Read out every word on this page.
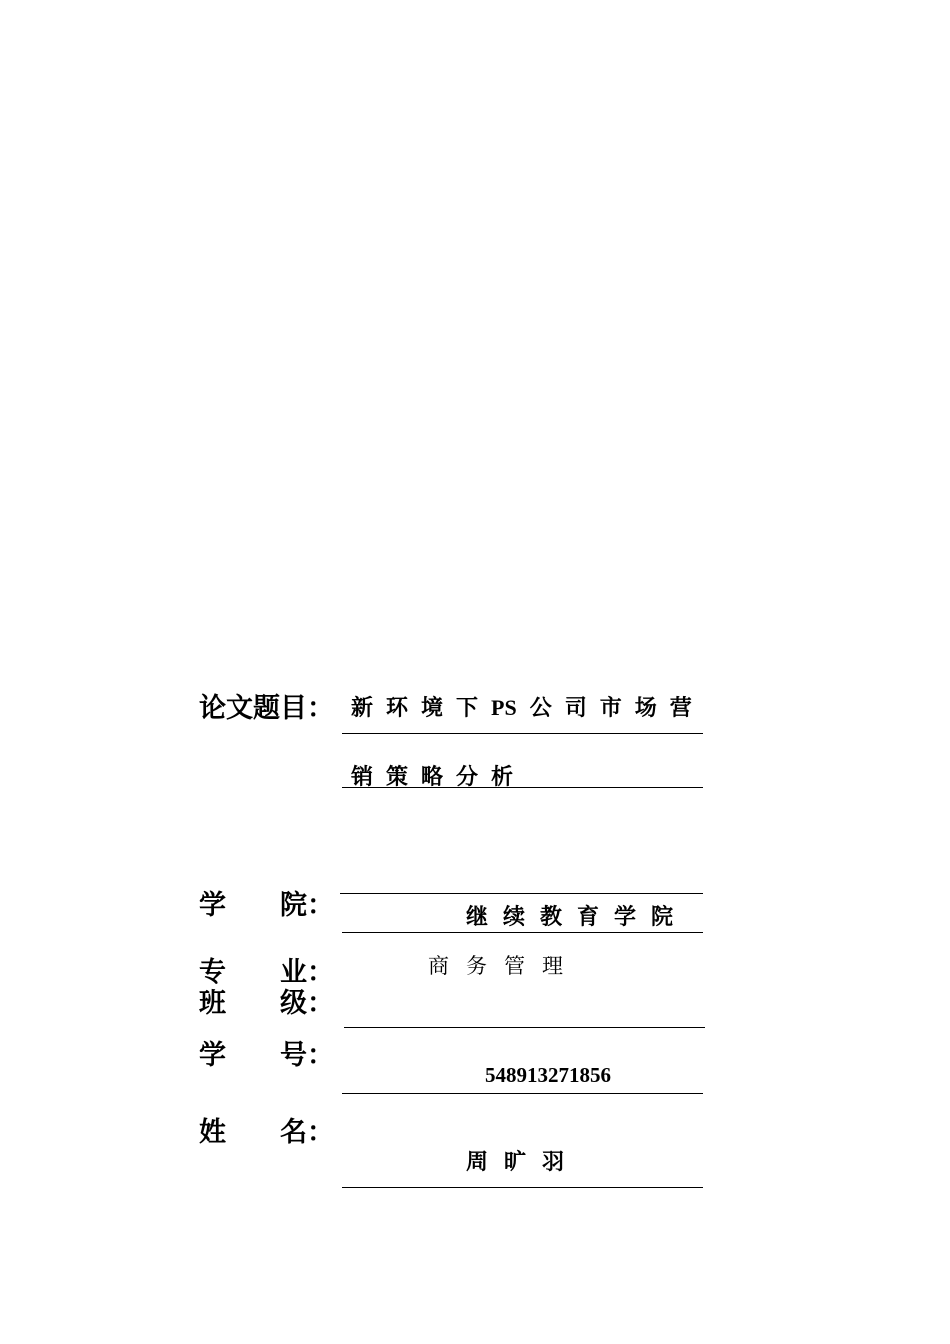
论文题目： 新环境下PS 公司市场营
销策略分析
学 院：	继续教育学院
专 业：	商务管理
班 级：
学 号：
548913271856
姓 名：
周旷羽
